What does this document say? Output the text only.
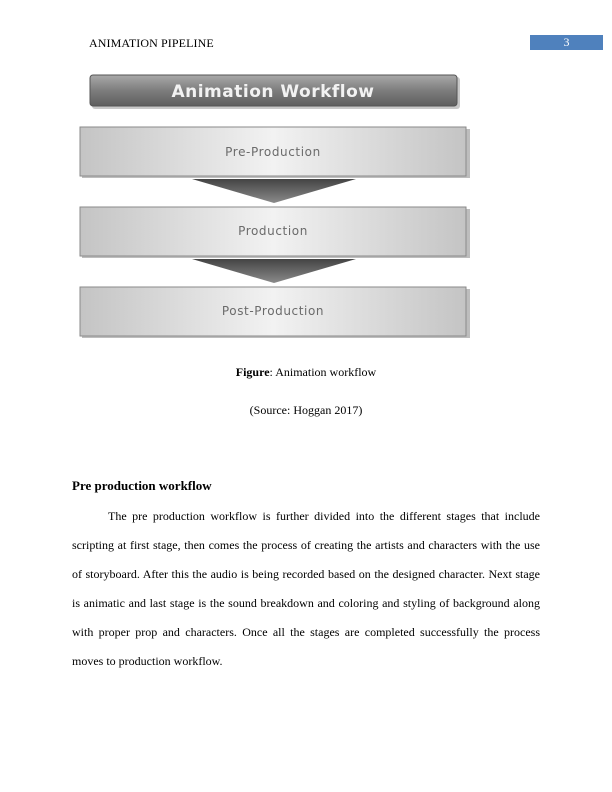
ANIMATION PIPELINE	3
Animation Workflow
Pre-Production
Production
Post-Production
Figure: Animation workflow
(Source: Hoggan 2017)
Pre production workflow
The pre production workflow is further divided into the different stages that include scripting at first stage, then comes the process of creating the artists and characters with the use of storyboard. After this the audio is being recorded based on the designed character. Next stage is animatic and last stage is the sound breakdown and coloring and styling of background along with proper prop and characters. Once all the stages are completed successfully the process moves to production workflow.
